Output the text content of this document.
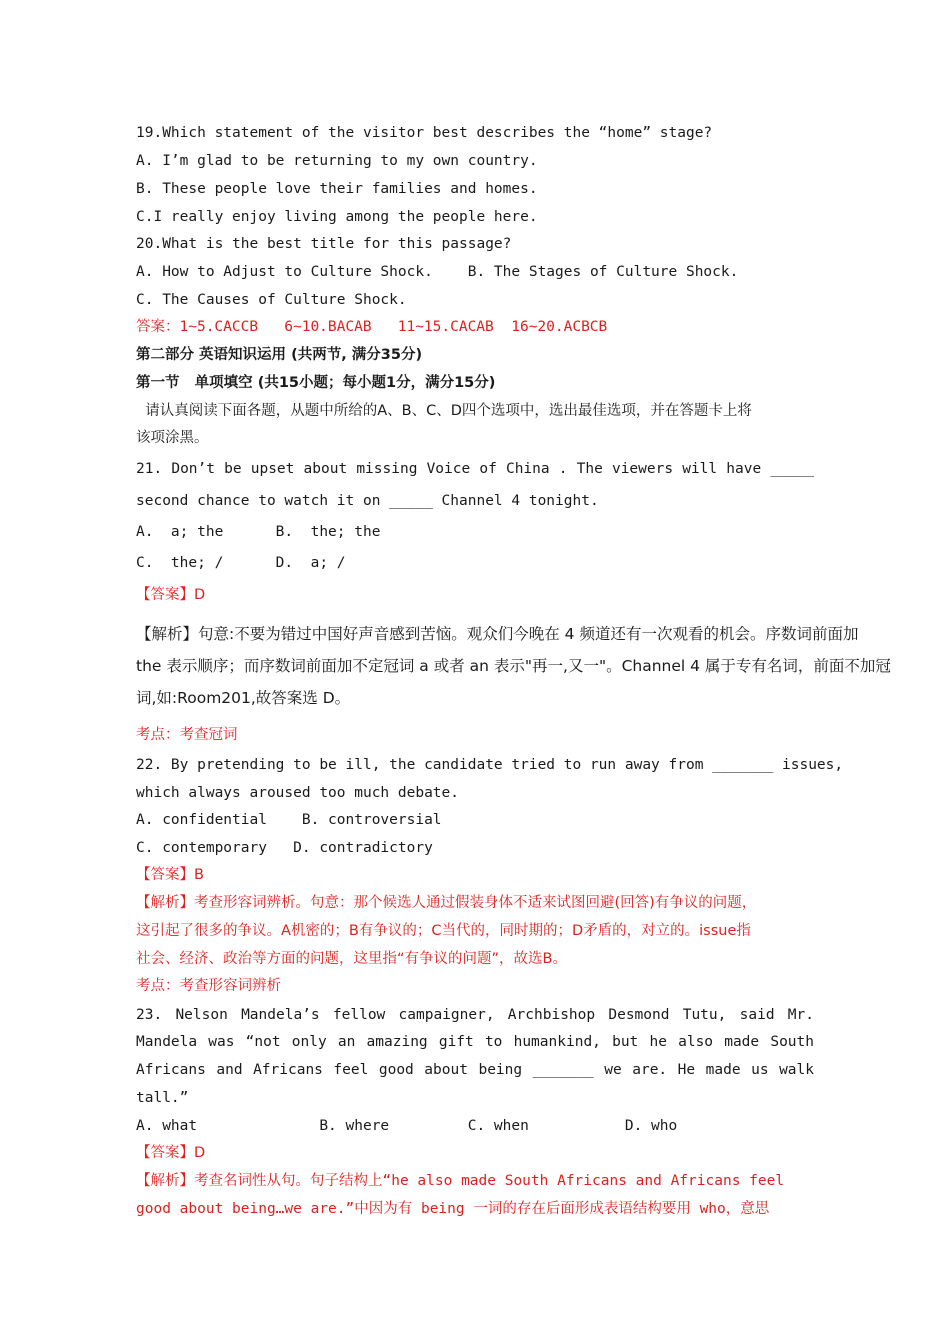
19.Which statement of the visitor best describes the “home” stage?
A. I’m glad to be returning to my own country.
B. These people love their families and homes.
C.I really enjoy living among the people here.
20.What is the best title for this passage?
A. How to Adjust to Culture Shock.    B. The Stages of Culture Shock.
C. The Causes of Culture Shock.
答案：1~5.CACCB   6~10.BACAB   11~15.CACAB  16~20.ACBCB
第二部分 英语知识运用 (共两节, 满分35分)
第一节   单项填空 (共15小题；每小题1分，满分15分)
请认真阅读下面各题，从题中所给的A、B、C、D四个选项中，选出最佳选项，并在答题卡上将
该项涂黑。
21. Don’t be upset about missing Voice of China . The viewers will have _____
second chance to watch it on _____ Channel 4 tonight.
A.  a; the      B.  the; the
C.  the; /      D.  a; /
【答案】D
【解析】句意:不要为错过中国好声音感到苦恼。观众们今晚在 4 频道还有一次观看的机会。序数词前面加
the 表示顺序；而序数词前面加不定冠词 a 或者 an 表示"再一,又一"。Channel 4 属于专有名词，前面不加冠
词,如:Room201,故答案选 D。
考点：考查冠词
22. By pretending to be ill, the candidate tried to run away from _______ issues,
which always aroused too much debate.
A. confidential    B. controversial
C. contemporary   D. contradictory
【答案】B
【解析】考查形容词辨析。句意：那个候选人通过假装身体不适来试图回避(回答)有争议的问题，
这引起了很多的争议。A机密的；B有争议的；C当代的，同时期的；D矛盾的，对立的。issue指
社会、经济、政治等方面的问题，这里指“有争议的问题”，故选B。
考点：考查形容词辨析
23. Nelson Mandela’s fellow campaigner, Archbishop Desmond Tutu, said Mr.
Mandela was “not only an amazing gift to humankind, but he also made South
Africans and Africans feel good about being _______ we are. He made us walk
tall.”
A. what              B. where         C. when           D. who
【答案】D
【解析】考查名词性从句。句子结构上“he also made South Africans and Africans feel
good about being…we are.”中因为有 being 一词的存在后面形成表语结构要用 who，意思
